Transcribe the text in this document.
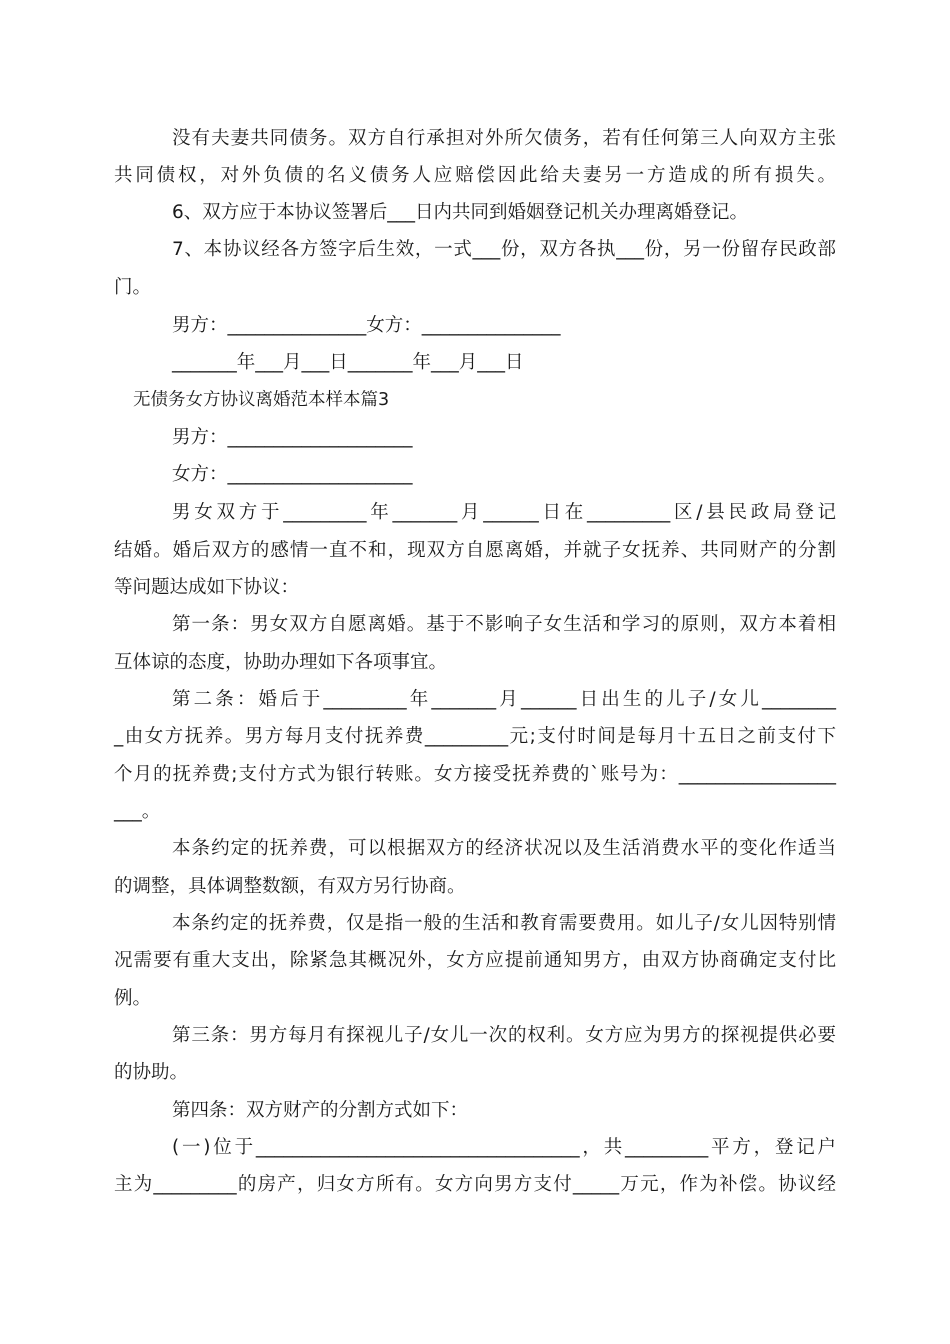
没有夫妻共同债务。双方自行承担对外所欠债务，若有任何第三人向双方主张
共同债权，对外负债的名义债务人应赔偿因此给夫妻另一方造成的所有损失。
6、双方应于本协议签署后___日内共同到婚姻登记机关办理离婚登记。
7、本协议经各方签字后生效，一式___份，双方各执___份，另一份留存民政部
门。
男方：_______________女方：_______________
_______年___月___日_______年___月___日
无债务女方协议离婚范本样本篇3
男方：____________________
女方：____________________
男女双方于_________年_______月______日在_________区/县民政局登记
结婚。婚后双方的感情一直不和，现双方自愿离婚，并就子女抚养、共同财产的分割
等问题达成如下协议：
第一条：男女双方自愿离婚。基于不影响子女生活和学习的原则，双方本着相
互体谅的态度，协助办理如下各项事宜。
第二条：婚后于_________年_______月______日出生的儿子/女儿________
_由女方抚养。男方每月支付抚养费_________元;支付时间是每月十五日之前支付下
个月的抚养费;支付方式为银行转账。女方接受抚养费的`账号为：_________________
___。
本条约定的抚养费，可以根据双方的经济状况以及生活消费水平的变化作适当
的调整，具体调整数额，有双方另行协商。
本条约定的抚养费，仅是指一般的生活和教育需要费用。如儿子/女儿因特别情
况需要有重大支出，除紧急其概况外，女方应提前通知男方，由双方协商确定支付比
例。
第三条：男方每月有探视儿子/女儿一次的权利。女方应为男方的探视提供必要
的协助。
第四条：双方财产的分割方式如下：
(一)位于___________________________________，共_________平方，登记户
主为_________的房产，归女方所有。女方向男方支付_____万元，作为补偿。协议经
